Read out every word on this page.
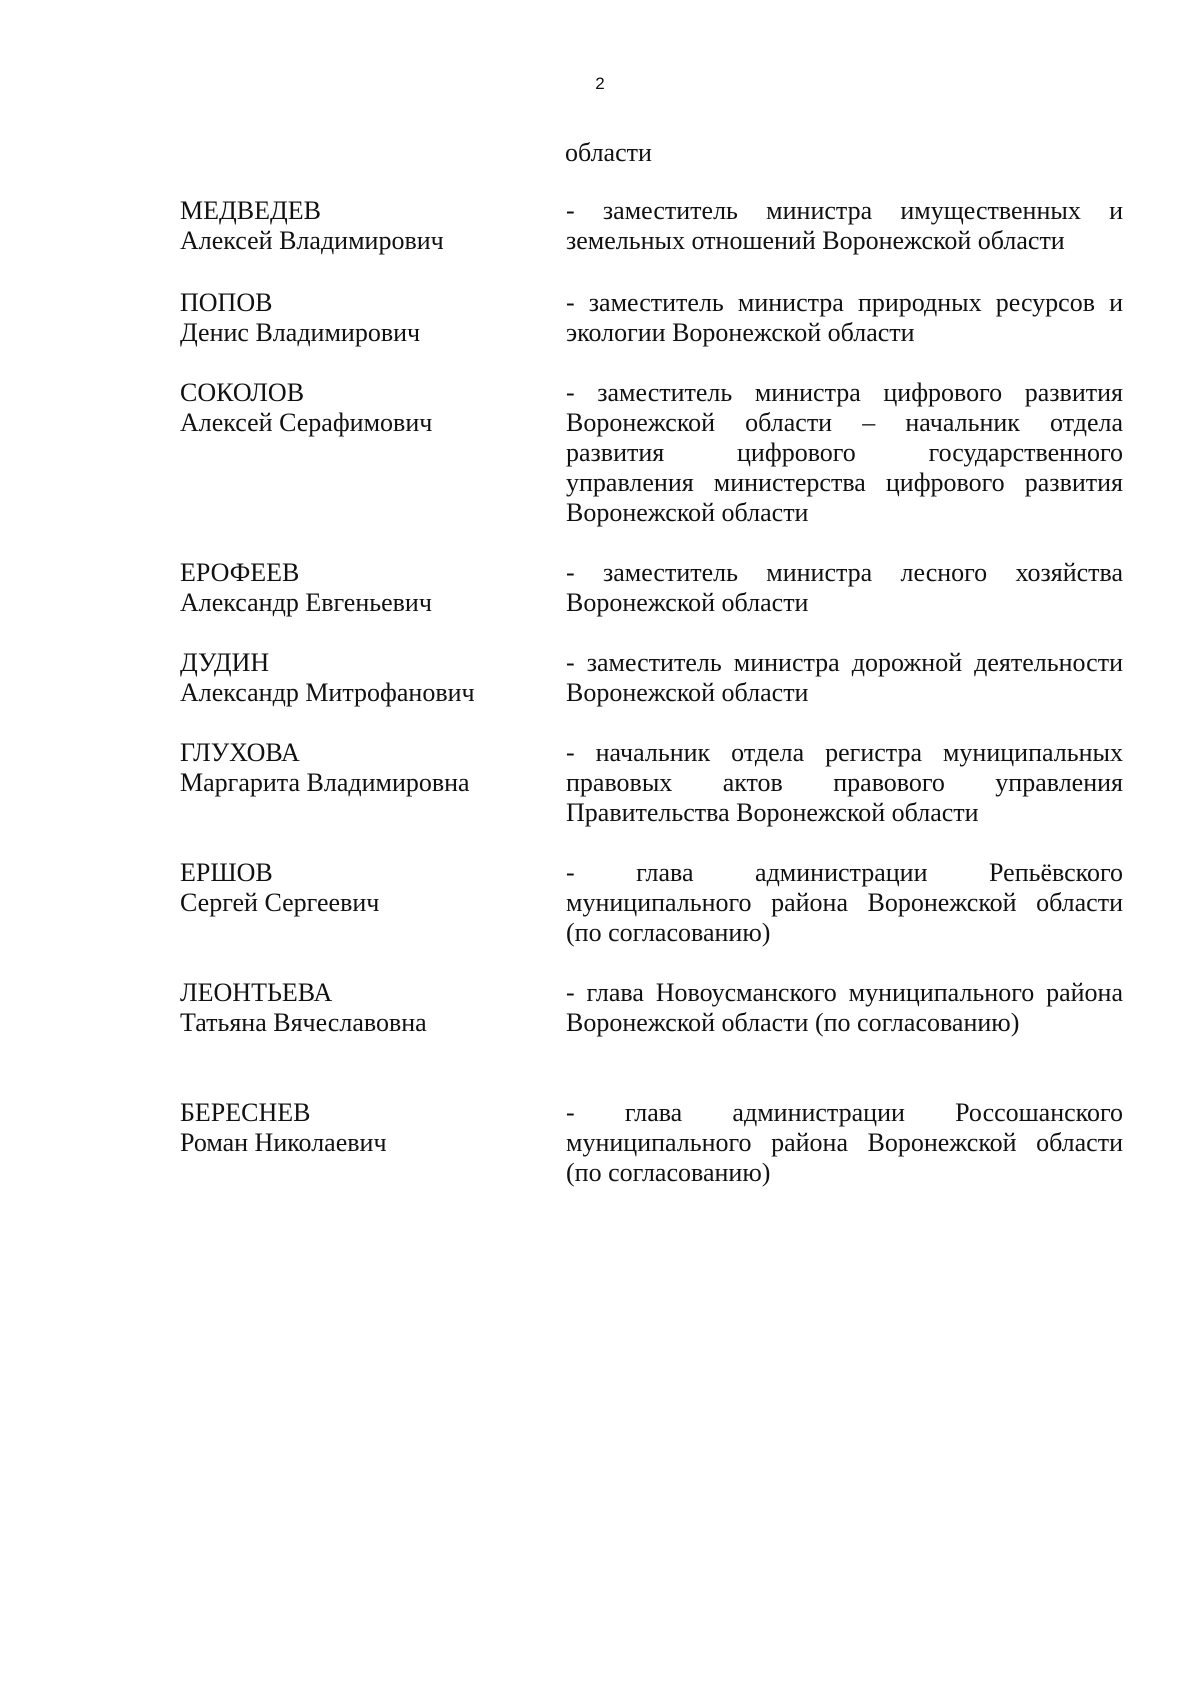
2
области
МЕДВЕДЕВ
Алексей Владимирович
- заместитель министра имущественных и земельных отношений Воронежской области
ПОПОВ
Денис Владимирович
- заместитель министра природных ресурсов и экологии Воронежской области
СОКОЛОВ
Алексей Серафимович
- заместитель министра цифрового развития Воронежской области – начальник отдела развития цифрового государственного управления министерства цифрового развития Воронежской области
ЕРОФЕЕВ
Александр Евгеньевич
- заместитель министра лесного хозяйства Воронежской области
ДУДИН
Александр Митрофанович
- заместитель министра дорожной деятельности Воронежской области
ГЛУХОВА
Маргарита Владимировна
- начальник отдела регистра муниципальных правовых актов правового управления Правительства Воронежской области
ЕРШОВ
Сергей Сергеевич
- глава администрации Репьёвского муниципального района Воронежской области (по согласованию)
ЛЕОНТЬЕВА
Татьяна Вячеславовна
- глава Новоусманского муниципального района Воронежской области (по согласованию)
БЕРЕСНЕВ
Роман Николаевич
- глава администрации Россошанского муниципального района Воронежской области (по согласованию)
